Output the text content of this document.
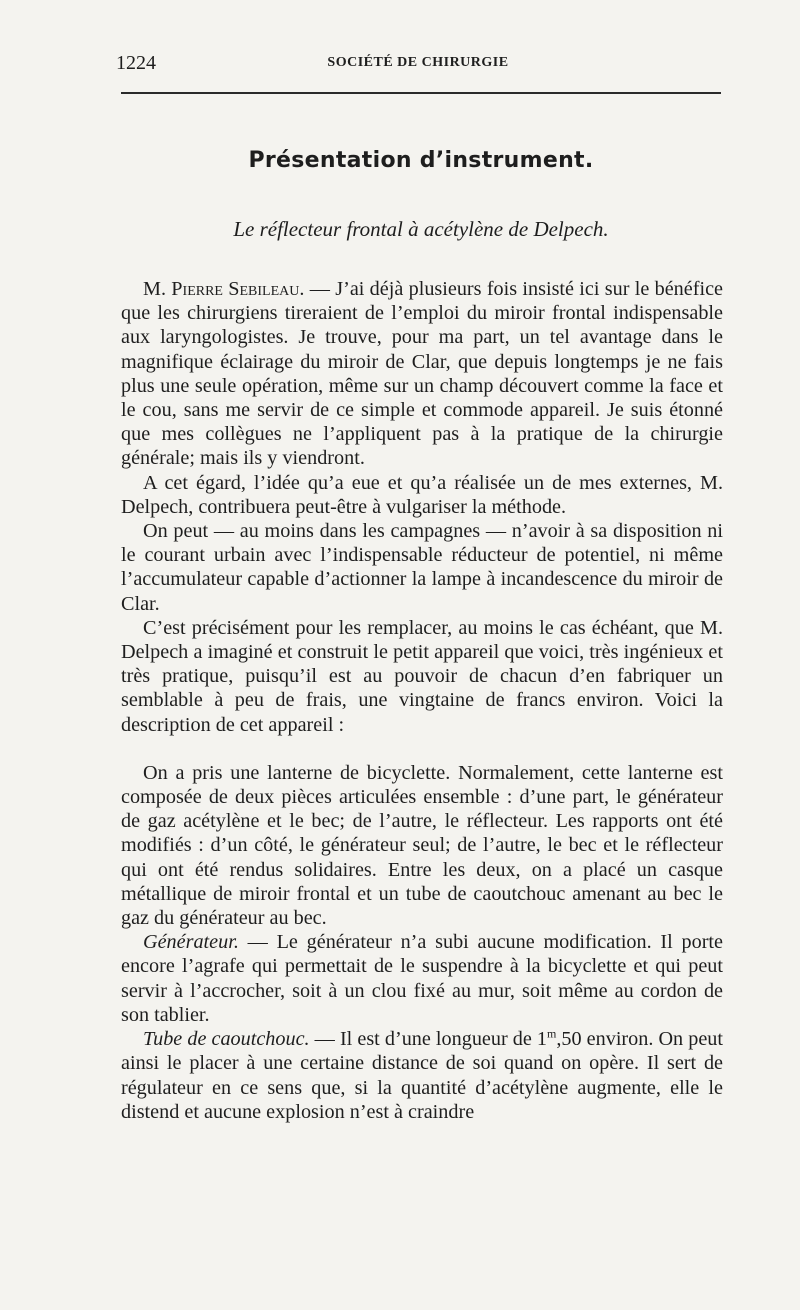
1224	SOCIÉTÉ DE CHIRURGIE
Présentation d’instrument.
Le réflecteur frontal à acétylène de Delpech.

M. Pierre Sebileau. — J’ai déjà plusieurs fois insisté ici sur le bénéfice que les chirurgiens tireraient de l’emploi du miroir frontal indispensable aux laryngologistes. Je trouve, pour ma part, un tel avantage dans le magnifique éclairage du miroir de Clar, que depuis longtemps je ne fais plus une seule opération, même sur un champ découvert comme la face et le cou, sans me servir de ce simple et commode appareil. Je suis étonné que mes collègues ne l’appliquent pas à la pratique de la chirurgie générale; mais ils y viendront.

A cet égard, l’idée qu’a eue et qu’a réalisée un de mes externes, M. Delpech, contribuera peut-être à vulgariser la méthode.

On peut — au moins dans les campagnes — n’avoir à sa disposition ni le courant urbain avec l’indispensable réducteur de potentiel, ni même l’accumulateur capable d’actionner la lampe à incandescence du miroir de Clar.

C’est précisément pour les remplacer, au moins le cas échéant, que M. Delpech a imaginé et construit le petit appareil que voici, très ingénieux et très pratique, puisqu’il est au pouvoir de chacun d’en fabriquer un semblable à peu de frais, une vingtaine de francs environ. Voici la description de cet appareil :

On a pris une lanterne de bicyclette. Normalement, cette lanterne est composée de deux pièces articulées ensemble : d’une part, le générateur de gaz acétylène et le bec; de l’autre, le réflecteur. Les rapports ont été modifiés : d’un côté, le générateur seul; de l’autre, le bec et le réflecteur qui ont été rendus solidaires. Entre les deux, on a placé un casque métallique de miroir frontal et un tube de caoutchouc amenant au bec le gaz du générateur au bec.

Générateur. — Le générateur n’a subi aucune modification. Il porte encore l’agrafe qui permettait de le suspendre à la bicyclette et qui peut servir à l’accrocher, soit à un clou fixé au mur, soit même au cordon de son tablier.

Tube de caoutchouc. — Il est d’une longueur de 1$^m$,50 environ. On peut ainsi le placer à une certaine distance de soi quand on opère. Il sert de régulateur en ce sens que, si la quantité d’acétylène augmente, elle le distend et aucune explosion n’est à craindre
